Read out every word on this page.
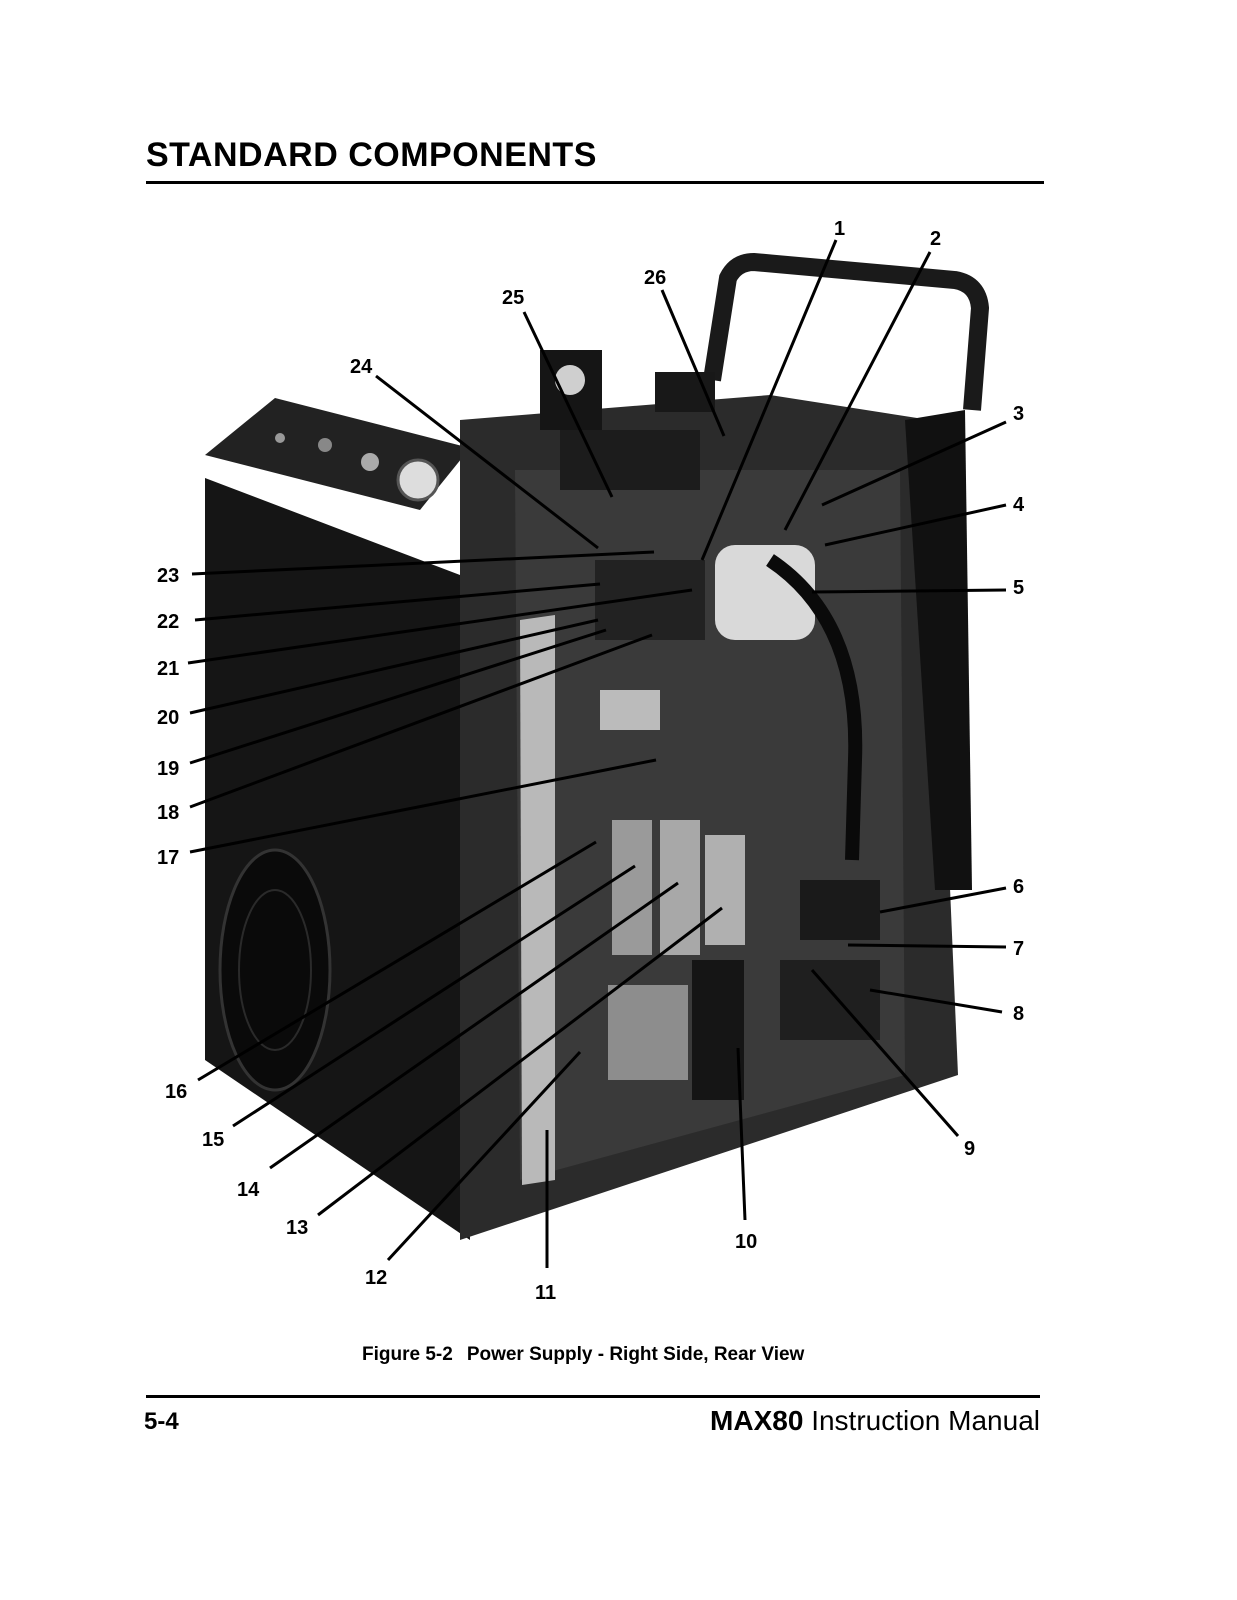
STANDARD COMPONENTS
1	2
3
4
5
6
7
8
9
10
11
12
13
14
15
16
17
18
19
20
21
22
23
24
25
26
Figure 5-2 Power Supply - Right Side, Rear View
5-4	MAX80 Instruction Manual
